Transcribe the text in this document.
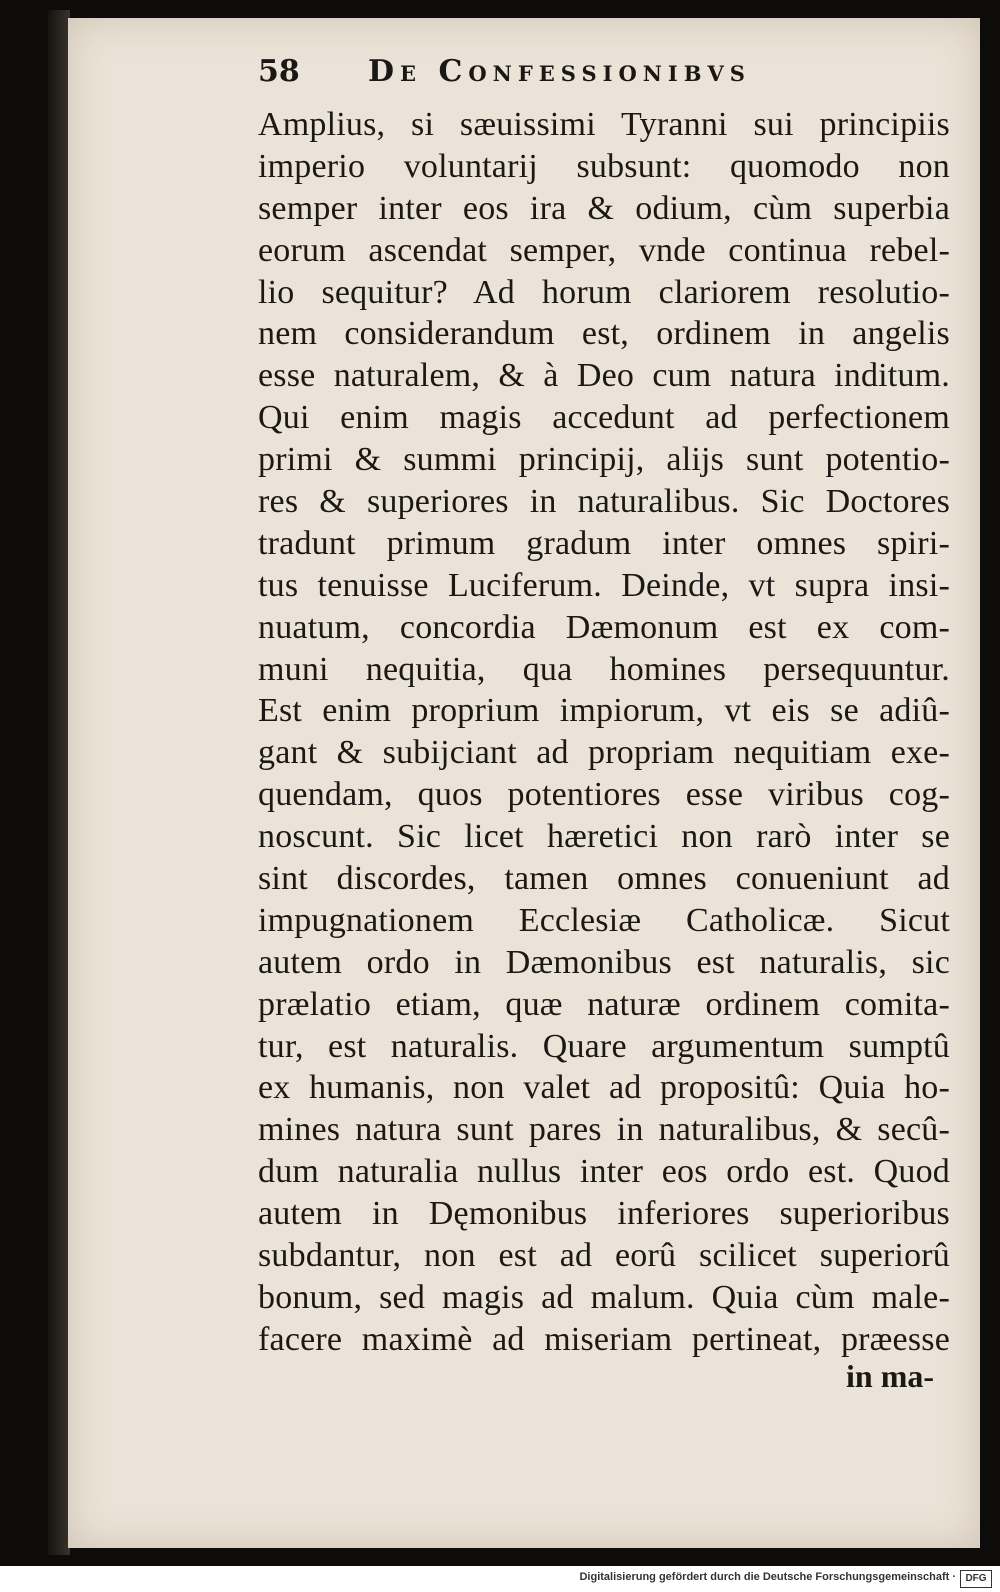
58 De Confessionibvs
Amplius, si sæuissimi Tyranni sui principiis
imperio voluntarij subsunt: quomodo non
semper inter eos ira & odium, cùm superbia
eorum ascendat semper, vnde continua rebel-
lio sequitur? Ad horum clariorem resolutio-
nem considerandum est, ordinem in angelis
esse naturalem, & à Deo cum natura inditum.
Qui enim magis accedunt ad perfectionem
primi & summi principij, alijs sunt potentio-
res & superiores in naturalibus. Sic Doctores
tradunt primum gradum inter omnes spiri-
tus tenuisse Luciferum. Deinde, vt supra insi-
nuatum, concordia Dæmonum est ex com-
muni nequitia, qua homines persequuntur.
Est enim proprium impiorum, vt eis se adiû-
gant & subijciant ad propriam nequitiam exe-
quendam, quos potentiores esse viribus cog-
noscunt. Sic licet hæretici non rarò inter se
sint discordes, tamen omnes conueniunt ad
impugnationem Ecclesiæ Catholicæ. Sicut
autem ordo in Dæmonibus est naturalis, sic
prælatio etiam, quæ naturæ ordinem comita-
tur, est naturalis. Quare argumentum sumptû
ex humanis, non valet ad propositû: Quia ho-
mines natura sunt pares in naturalibus, & secû-
dum naturalia nullus inter eos ordo est. Quod
autem in Dęmonibus inferiores superioribus
subdantur, non est ad eorû scilicet superiorû
bonum, sed magis ad malum. Quia cùm male-
facere maximè ad miseriam pertineat, præesse
in ma-
Digitalisierung gefördert durch die Deutsche Forschungsgemeinschaft · DFG
